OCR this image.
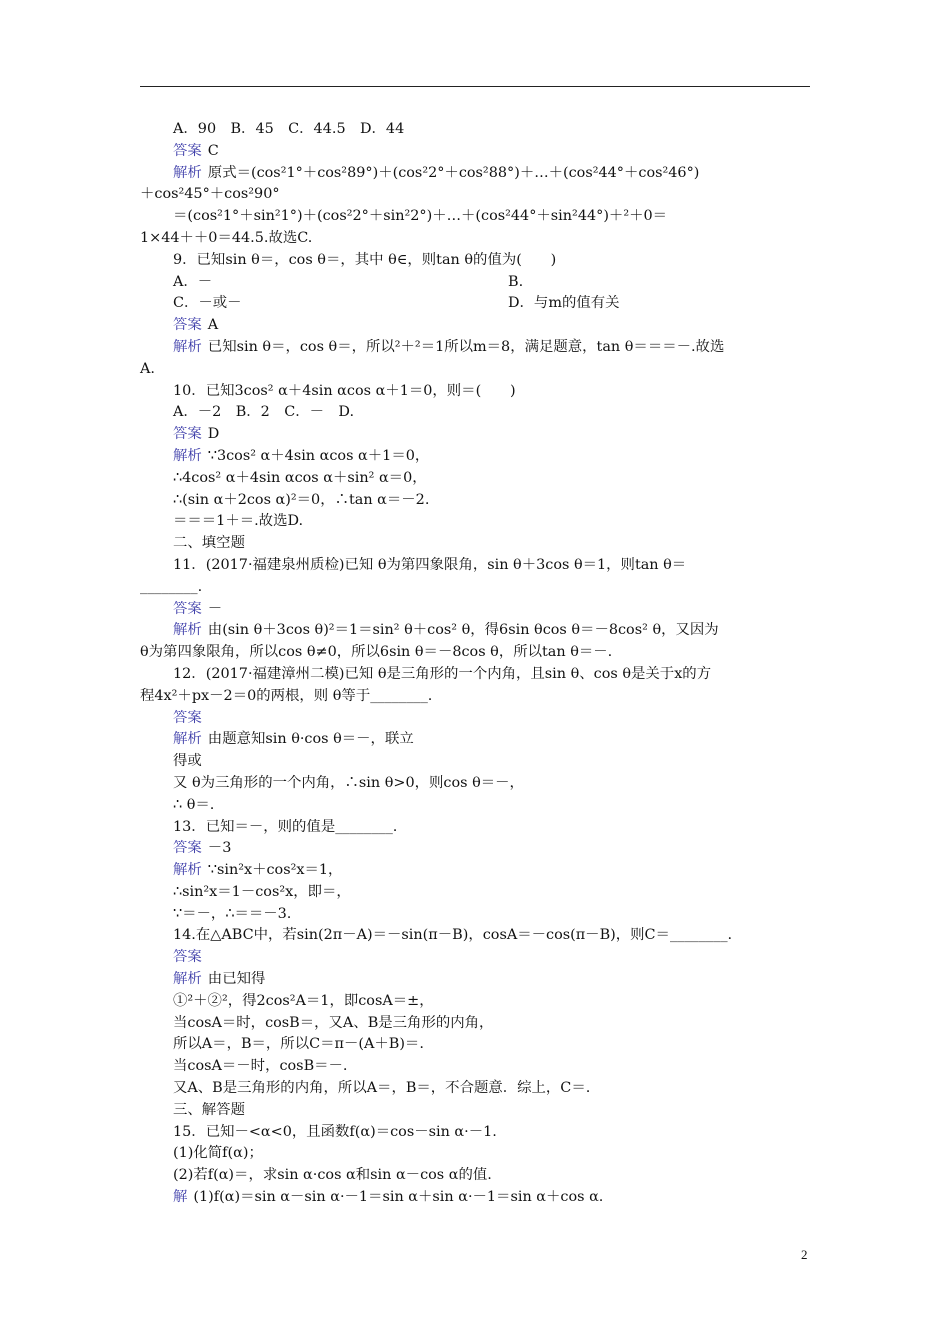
A．90　B．45　C．44.5　D．44
答案 C
解析 原式＝(cos²1°＋cos²89°)＋(cos²2°＋cos²88°)＋…＋(cos²44°＋cos²46°)
＋cos²45°＋cos²90°
＝(cos²1°＋sin²1°)＋(cos²2°＋sin²2°)＋…＋(cos²44°＋sin²44°)＋²＋0＝
1×44＋＋0＝44.5.故选C.
9．已知sin θ＝，cos θ＝，其中 θ∈，则tan θ的值为(　　)
A．－	B.
C．－或－	D．与m的值有关
答案 A
解析 已知sin θ＝，cos θ＝，所以²＋²＝1所以m＝8，满足题意，tan θ＝＝＝－.故选
A.
10．已知3cos² α＋4sin αcos α＋1＝0，则＝(　　)
A．－2　B．2　C．－　D.
答案 D
解析 ∵3cos² α＋4sin αcos α＋1＝0，
∴4cos² α＋4sin αcos α＋sin² α＝0，
∴(sin α＋2cos α)²＝0，∴tan α＝－2.
＝＝＝1＋＝.故选D.
二、填空题
11．(2017·福建泉州质检)已知 θ为第四象限角，sin θ＋3cos θ＝1，则tan θ＝
________.
答案 －
解析 由(sin θ＋3cos θ)²＝1＝sin² θ＋cos² θ，得6sin θcos θ＝－8cos² θ，又因为
θ为第四象限角，所以cos θ≠0，所以6sin θ＝－8cos θ，所以tan θ＝－.
12．(2017·福建漳州二模)已知 θ是三角形的一个内角，且sin θ、cos θ是关于x的方
程4x²＋px－2＝0的两根，则 θ等于________.
答案
解析 由题意知sin θ·cos θ＝－，联立
得或
又 θ为三角形的一个内角，∴sin θ>0，则cos θ＝－，
∴ θ＝.
13．已知＝－，则的值是________.
答案 －3
解析 ∵sin²x＋cos²x＝1，
∴sin²x＝1－cos²x，即＝，
∵＝－，∴＝＝－3.
14.在△ABC中，若sin(2π－A)＝－sin(π－B)，cosA＝－cos(π－B)，则C＝________.
答案
解析 由已知得
①²＋②²，得2cos²A＝1，即cosA＝±，
当cosA＝时，cosB＝，又A、B是三角形的内角，
所以A＝，B＝，所以C＝π－(A＋B)＝.
当cosA＝－时，cosB＝－.
又A、B是三角形的内角，所以A＝，B＝，不合题意．综上，C＝.
三、解答题
15．已知－<α<0，且函数f(α)＝cos－sin α·－1.
(1)化简f(α)；
(2)若f(α)＝，求sin α·cos α和sin α－cos α的值.
解 (1)f(α)＝sin α－sin α·－1＝sin α＋sin α·－1＝sin α＋cos α.
2
